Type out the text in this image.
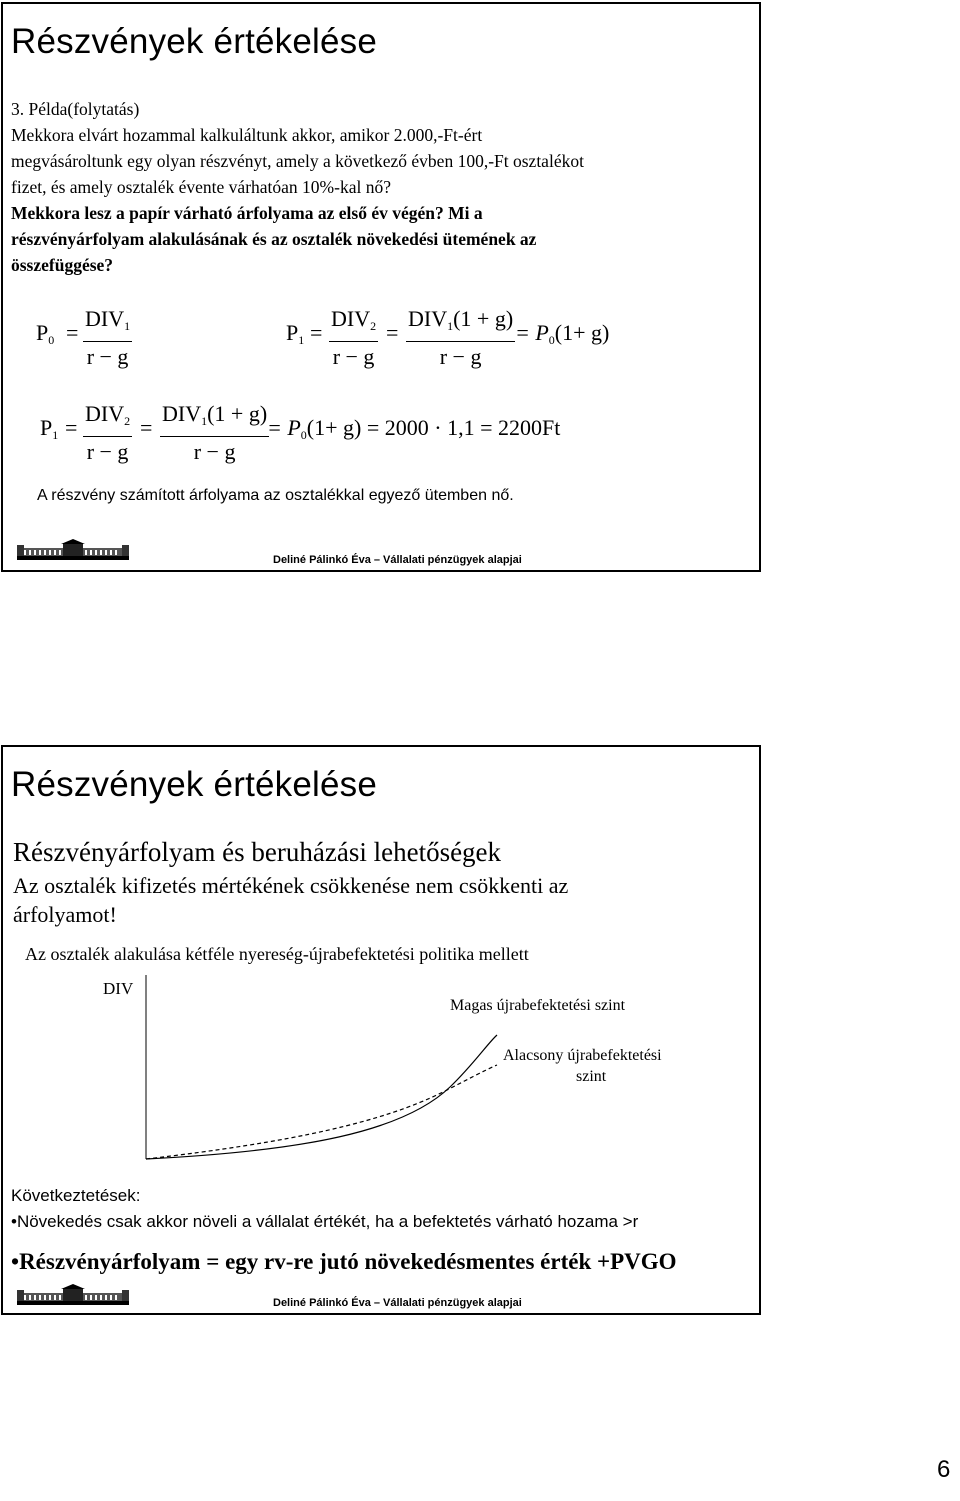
Részvények értékelése
3. Példa(folytatás)
Mekkora elvárt hozammal kalkuláltunk akkor, amikor 2.000,-Ft-ért
megvásároltunk egy olyan részvényt, amely a következő évben 100,-Ft osztalékot
fizet, és amely osztalék évente várhatóan 10%-kal nő?
Mekkora lesz a papír várható árfolyama az első év végén? Mi a
részvényárfolyam alakulásának és az osztalék növekedési ütemének az
összefüggése?
$P_0$ =
$DIV_1$
r − g
$P_1$ =
$DIV_2$
r − g
=
$DIV_1(1 + g)$
r − g
= $P_0(1+ g)$
$P_1$ =
$DIV_2$
r − g
=
$DIV_1(1 + g)$
r − g
= $P_0(1+ g) = 2000 \cdot 1,1 = 2200Ft$
A részvény számított árfolyama az osztalékkal egyező ütemben nő.
Deliné Pálinkó Éva – Vállalati pénzügyek alapjai
Részvények értékelése
Részvényárfolyam és beruházási lehetőségek
Az osztalék kifizetés mértékének csökkenése nem csökkenti az
árfolyamot!
Az osztalék alakulása kétféle nyereség-újrabefektetési politika mellett
DIV
Magas újrabefektetési szint
Alacsony újrabefektetési
szint
Következtetések:
•Növekedés csak akkor növeli a vállalat értékét, ha a befektetés várható hozama >r
•Részvényárfolyam = egy rv-re jutó növekedésmentes érték +PVGO
Deliné Pálinkó Éva – Vállalati pénzügyek alapjai
6
